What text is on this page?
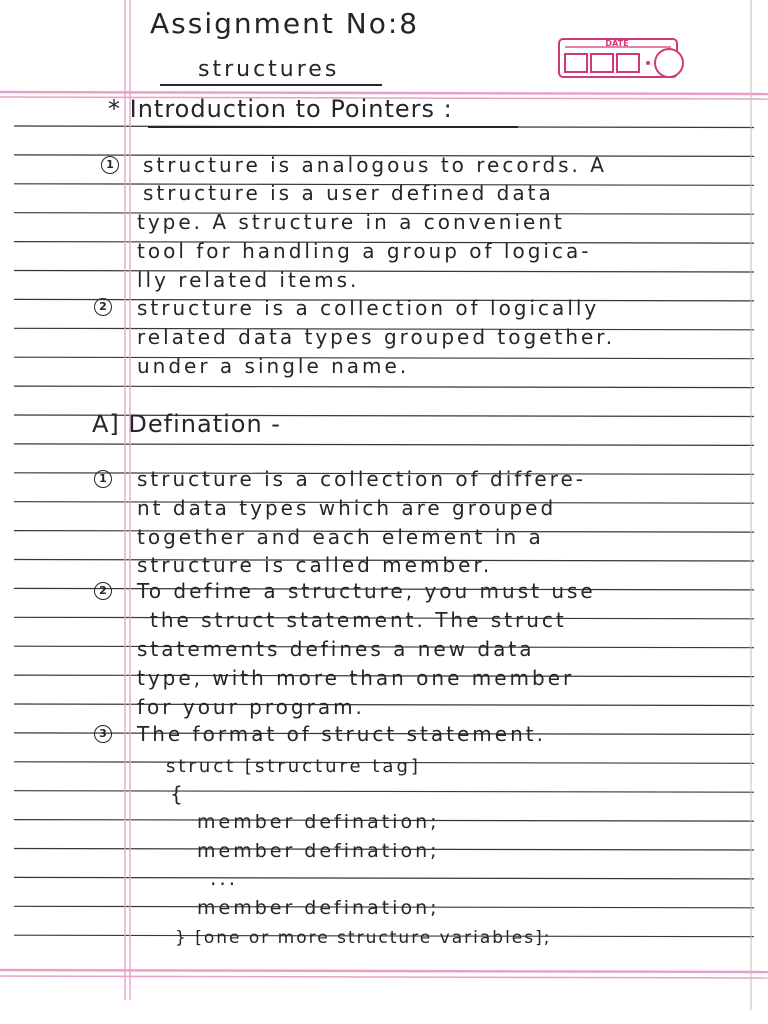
Assignment No:8
DATE
structures
* Introduction to Pointers :
1 structure is analogous to records. A
structure is a user defined data
type. A structure in a convenient
tool for handling a group of logica-
lly related items.
2 structure is a collection of logically
related data types grouped together.
under a single name.
A] Defination -
1 structure is a collection of differe-
nt data types which are grouped
together and each element in a
structure is called member.
2 To define a structure, you must use
the struct statement. The struct
statements defines a new data
type, with more than one member
for your program.
3 The format of struct statement.
struct [structure tag]
{
member defination;
member defination;
...
member defination;
} [one or more structure variables];
